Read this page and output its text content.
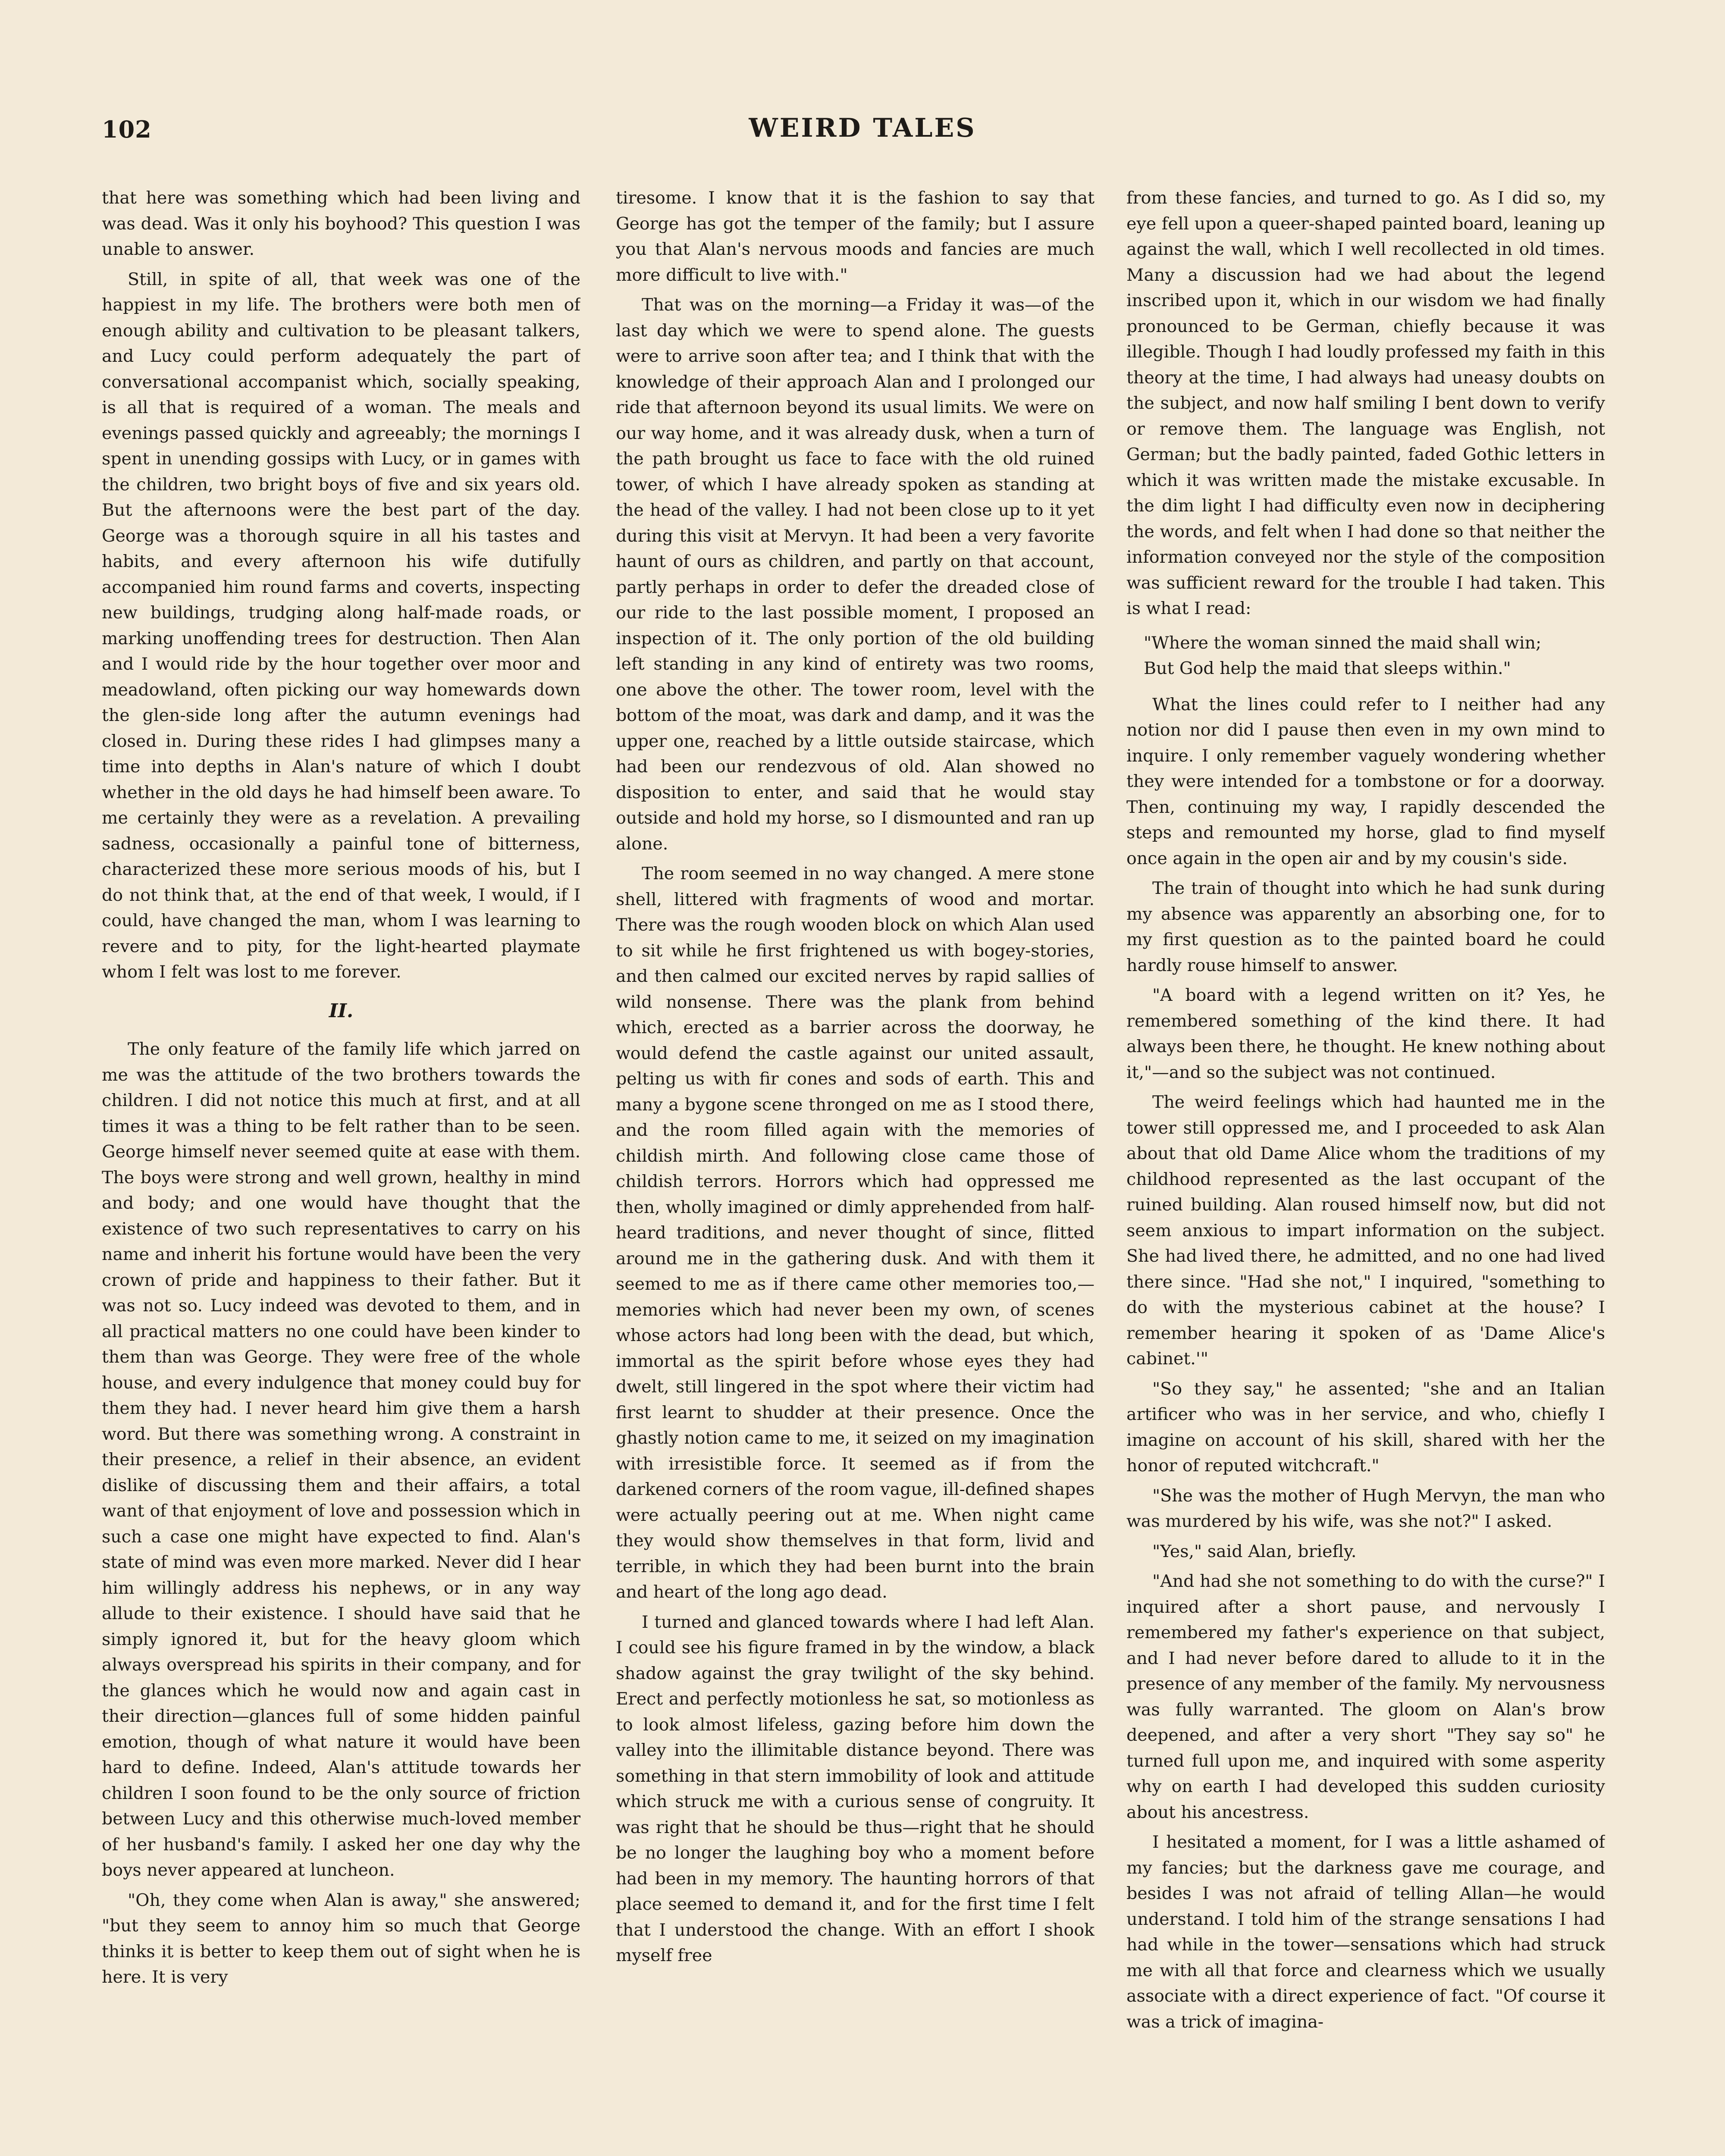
102	WEIRD TALES

that here was something which had been living and was dead. Was it only his boyhood? This question I was unable to answer.

Still, in spite of all, that week was one of the happiest in my life. The brothers were both men of enough ability and cultivation to be pleasant talkers, and Lucy could perform adequately the part of conversational accompanist which, socially speaking, is all that is required of a woman. The meals and evenings passed quickly and agreeably; the mornings I spent in unending gossips with Lucy, or in games with the children, two bright boys of five and six years old. But the afternoons were the best part of the day. George was a thorough squire in all his tastes and habits, and every afternoon his wife dutifully accompanied him round farms and coverts, inspecting new buildings, trudging along half-made roads, or marking unoffending trees for destruction. Then Alan and I would ride by the hour together over moor and meadowland, often picking our way homewards down the glen-side long after the autumn evenings had closed in. During these rides I had glimpses many a time into depths in Alan's nature of which I doubt whether in the old days he had himself been aware. To me certainly they were as a revelation. A prevailing sadness, occasionally a painful tone of bitterness, characterized these more serious moods of his, but I do not think that, at the end of that week, I would, if I could, have changed the man, whom I was learning to revere and to pity, for the light-hearted playmate whom I felt was lost to me forever.

II.

The only feature of the family life which jarred on me was the attitude of the two brothers towards the children. I did not notice this much at first, and at all times it was a thing to be felt rather than to be seen. George himself never seemed quite at ease with them. The boys were strong and well grown, healthy in mind and body; and one would have thought that the existence of two such representatives to carry on his name and inherit his fortune would have been the very crown of pride and happiness to their father. But it was not so. Lucy indeed was devoted to them, and in all practical matters no one could have been kinder to them than was George. They were free of the whole house, and every indulgence that money could buy for them they had. I never heard him give them a harsh word. But there was something wrong. A constraint in their presence, a relief in their absence, an evident dislike of discussing them and their affairs, a total want of that enjoyment of love and possession which in such a case one might have expected to find. Alan's state of mind was even more marked. Never did I hear him willingly address his nephews, or in any way allude to their existence. I should have said that he simply ignored it, but for the heavy gloom which always overspread his spirits in their company, and for the glances which he would now and again cast in their direction—glances full of some hidden painful emotion, though of what nature it would have been hard to define. Indeed, Alan's attitude towards her children I soon found to be the only source of friction between Lucy and this otherwise much-loved member of her husband's family. I asked her one day why the boys never appeared at luncheon.

"Oh, they come when Alan is away," she answered; "but they seem to annoy him so much that George thinks it is better to keep them out of sight when he is here. It is very

tiresome. I know that it is the fashion to say that George has got the temper of the family; but I assure you that Alan's nervous moods and fancies are much more difficult to live with."

That was on the morning—a Friday it was—of the last day which we were to spend alone. The guests were to arrive soon after tea; and I think that with the knowledge of their approach Alan and I prolonged our ride that afternoon beyond its usual limits. We were on our way home, and it was already dusk, when a turn of the path brought us face to face with the old ruined tower, of which I have already spoken as standing at the head of the valley. I had not been close up to it yet during this visit at Mervyn. It had been a very favorite haunt of ours as children, and partly on that account, partly perhaps in order to defer the dreaded close of our ride to the last possible moment, I proposed an inspection of it. The only portion of the old building left standing in any kind of entirety was two rooms, one above the other. The tower room, level with the bottom of the moat, was dark and damp, and it was the upper one, reached by a little outside staircase, which had been our rendezvous of old. Alan showed no disposition to enter, and said that he would stay outside and hold my horse, so I dismounted and ran up alone.

The room seemed in no way changed. A mere stone shell, littered with fragments of wood and mortar. There was the rough wooden block on which Alan used to sit while he first frightened us with bogey-stories, and then calmed our excited nerves by rapid sallies of wild nonsense. There was the plank from behind which, erected as a barrier across the doorway, he would defend the castle against our united assault, pelting us with fir cones and sods of earth. This and many a bygone scene thronged on me as I stood there, and the room filled again with the memories of childish mirth. And following close came those of childish terrors. Horrors which had oppressed me then, wholly imagined or dimly apprehended from half-heard traditions, and never thought of since, flitted around me in the gathering dusk. And with them it seemed to me as if there came other memories too,—memories which had never been my own, of scenes whose actors had long been with the dead, but which, immortal as the spirit before whose eyes they had dwelt, still lingered in the spot where their victim had first learnt to shudder at their presence. Once the ghastly notion came to me, it seized on my imagination with irresistible force. It seemed as if from the darkened corners of the room vague, ill-defined shapes were actually peering out at me. When night came they would show themselves in that form, livid and terrible, in which they had been burnt into the brain and heart of the long ago dead.

I turned and glanced towards where I had left Alan. I could see his figure framed in by the window, a black shadow against the gray twilight of the sky behind. Erect and perfectly motionless he sat, so motionless as to look almost lifeless, gazing before him down the valley into the illimitable distance beyond. There was something in that stern immobility of look and attitude which struck me with a curious sense of congruity. It was right that he should be thus—right that he should be no longer the laughing boy who a moment before had been in my memory. The haunting horrors of that place seemed to demand it, and for the first time I felt that I understood the change. With an effort I shook myself free

from these fancies, and turned to go. As I did so, my eye fell upon a queer-shaped painted board, leaning up against the wall, which I well recollected in old times. Many a discussion had we had about the legend inscribed upon it, which in our wisdom we had finally pronounced to be German, chiefly because it was illegible. Though I had loudly professed my faith in this theory at the time, I had always had uneasy doubts on the subject, and now half smiling I bent down to verify or remove them. The language was English, not German; but the badly painted, faded Gothic letters in which it was written made the mistake excusable. In the dim light I had difficulty even now in deciphering the words, and felt when I had done so that neither the information conveyed nor the style of the composition was sufficient reward for the trouble I had taken. This is what I read:

"Where the woman sinned the maid shall win;
But God help the maid that sleeps within."

What the lines could refer to I neither had any notion nor did I pause then even in my own mind to inquire. I only remember vaguely wondering whether they were intended for a tombstone or for a doorway. Then, continuing my way, I rapidly descended the steps and remounted my horse, glad to find myself once again in the open air and by my cousin's side.

The train of thought into which he had sunk during my absence was apparently an absorbing one, for to my first question as to the painted board he could hardly rouse himself to answer.

"A board with a legend written on it? Yes, he remembered something of the kind there. It had always been there, he thought. He knew nothing about it,"—and so the subject was not continued.

The weird feelings which had haunted me in the tower still oppressed me, and I proceeded to ask Alan about that old Dame Alice whom the traditions of my childhood represented as the last occupant of the ruined building. Alan roused himself now, but did not seem anxious to impart information on the subject. She had lived there, he admitted, and no one had lived there since. "Had she not," I inquired, "something to do with the mysterious cabinet at the house? I remember hearing it spoken of as 'Dame Alice's cabinet.'"

"So they say," he assented; "she and an Italian artificer who was in her service, and who, chiefly I imagine on account of his skill, shared with her the honor of reputed witchcraft."

"She was the mother of Hugh Mervyn, the man who was murdered by his wife, was she not?" I asked.

"Yes," said Alan, briefly.

"And had she not something to do with the curse?" I inquired after a short pause, and nervously I remembered my father's experience on that subject, and I had never before dared to allude to it in the presence of any member of the family. My nervousness was fully warranted. The gloom on Alan's brow deepened, and after a very short "They say so" he turned full upon me, and inquired with some asperity why on earth I had developed this sudden curiosity about his ancestress.

I hesitated a moment, for I was a little ashamed of my fancies; but the darkness gave me courage, and besides I was not afraid of telling Allan—he would understand. I told him of the strange sensations I had had while in the tower—sensations which had struck me with all that force and clearness which we usually associate with a direct experience of fact. "Of course it was a trick of imagina-
